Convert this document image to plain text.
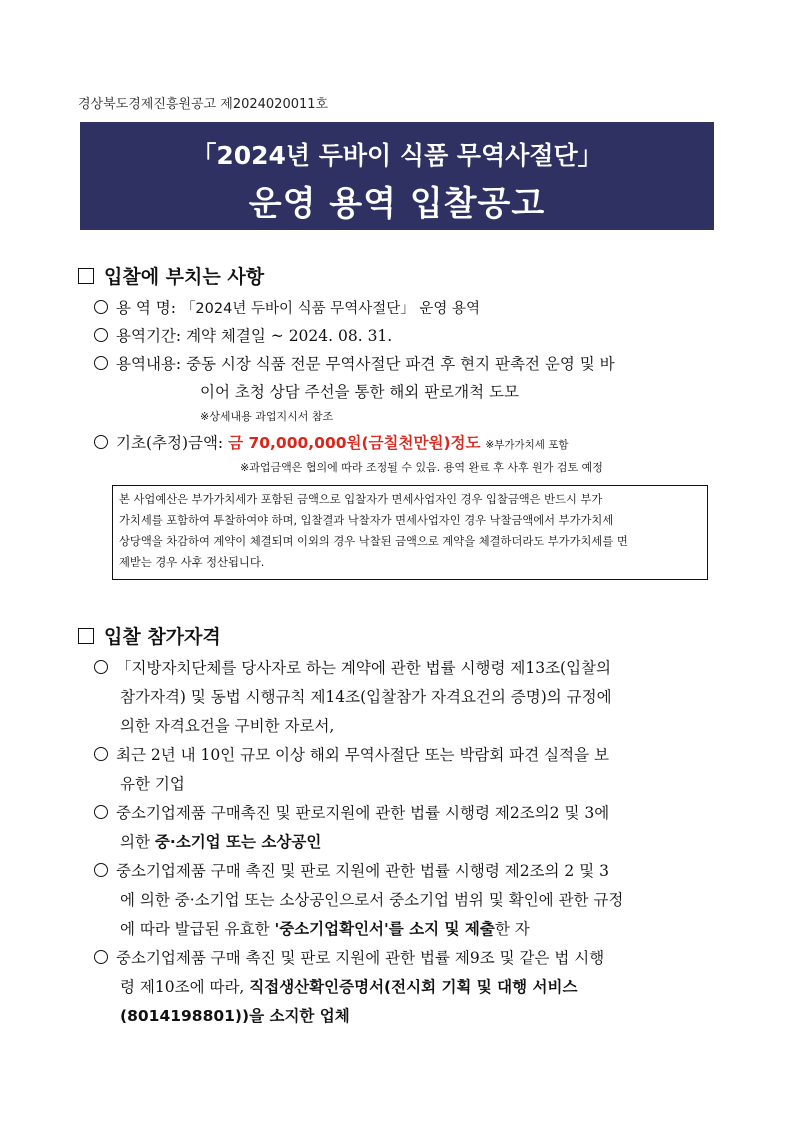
경상북도경제진흥원공고 제2024020011호
「2024년 두바이 식품 무역사절단」
운영 용역 입찰공고
입찰에 부치는 사항
용 역 명: 「2024년 두바이 식품 무역사절단」 운영 용역
용역기간: 계약 체결일 ~ 2024. 08. 31.
용역내용: 중동 시장 식품 전문 무역사절단 파견 후 현지 판촉전 운영 및 바
이어 초청 상담 주선을 통한 해외 판로개척 도모
※상세내용 과업지시서 참조
기초(추정)금액: 금 70,000,000원(금칠천만원)정도 ※부가가치세 포함
※과업금액은 협의에 따라 조정될 수 있음. 용역 완료 후 사후 원가 검토 예정
본 사업예산은 부가가치세가 포함된 금액으로 입찰자가 면세사업자인 경우 입찰금액은 반드시 부가
가치세를 포함하여 투찰하여야 하며, 입찰결과 낙찰자가 면세사업자인 경우 낙찰금액에서 부가가치세
상당액을 차감하여 계약이 체결되며 이외의 경우 낙찰된 금액으로 계약을 체결하더라도 부가가치세를 면
제받는 경우 사후 정산됩니다.
입찰 참가자격
「지방자치단체를 당사자로 하는 계약에 관한 법률 시행령 제13조(입찰의
참가자격) 및 동법 시행규칙 제14조(입찰참가 자격요건의 증명)의 규정에
의한 자격요건을 구비한 자로서,
최근 2년 내 10인 규모 이상 해외 무역사절단 또는 박람회 파견 실적을 보
유한 기업
중소기업제품 구매촉진 및 판로지원에 관한 법률 시행령 제2조의2 및 3에
의한 중·소기업 또는 소상공인
중소기업제품 구매 촉진 및 판로 지원에 관한 법률 시행령 제2조의 2 및 3
에 의한 중·소기업 또는 소상공인으로서 중소기업 범위 및 확인에 관한 규정
에 따라 발급된 유효한 '중소기업확인서'를 소지 및 제출한 자
중소기업제품 구매 촉진 및 판로 지원에 관한 법률 제9조 및 같은 법 시행
령 제10조에 따라, 직접생산확인증명서(전시회 기획 및 대행 서비스
(8014198801))을 소지한 업체
